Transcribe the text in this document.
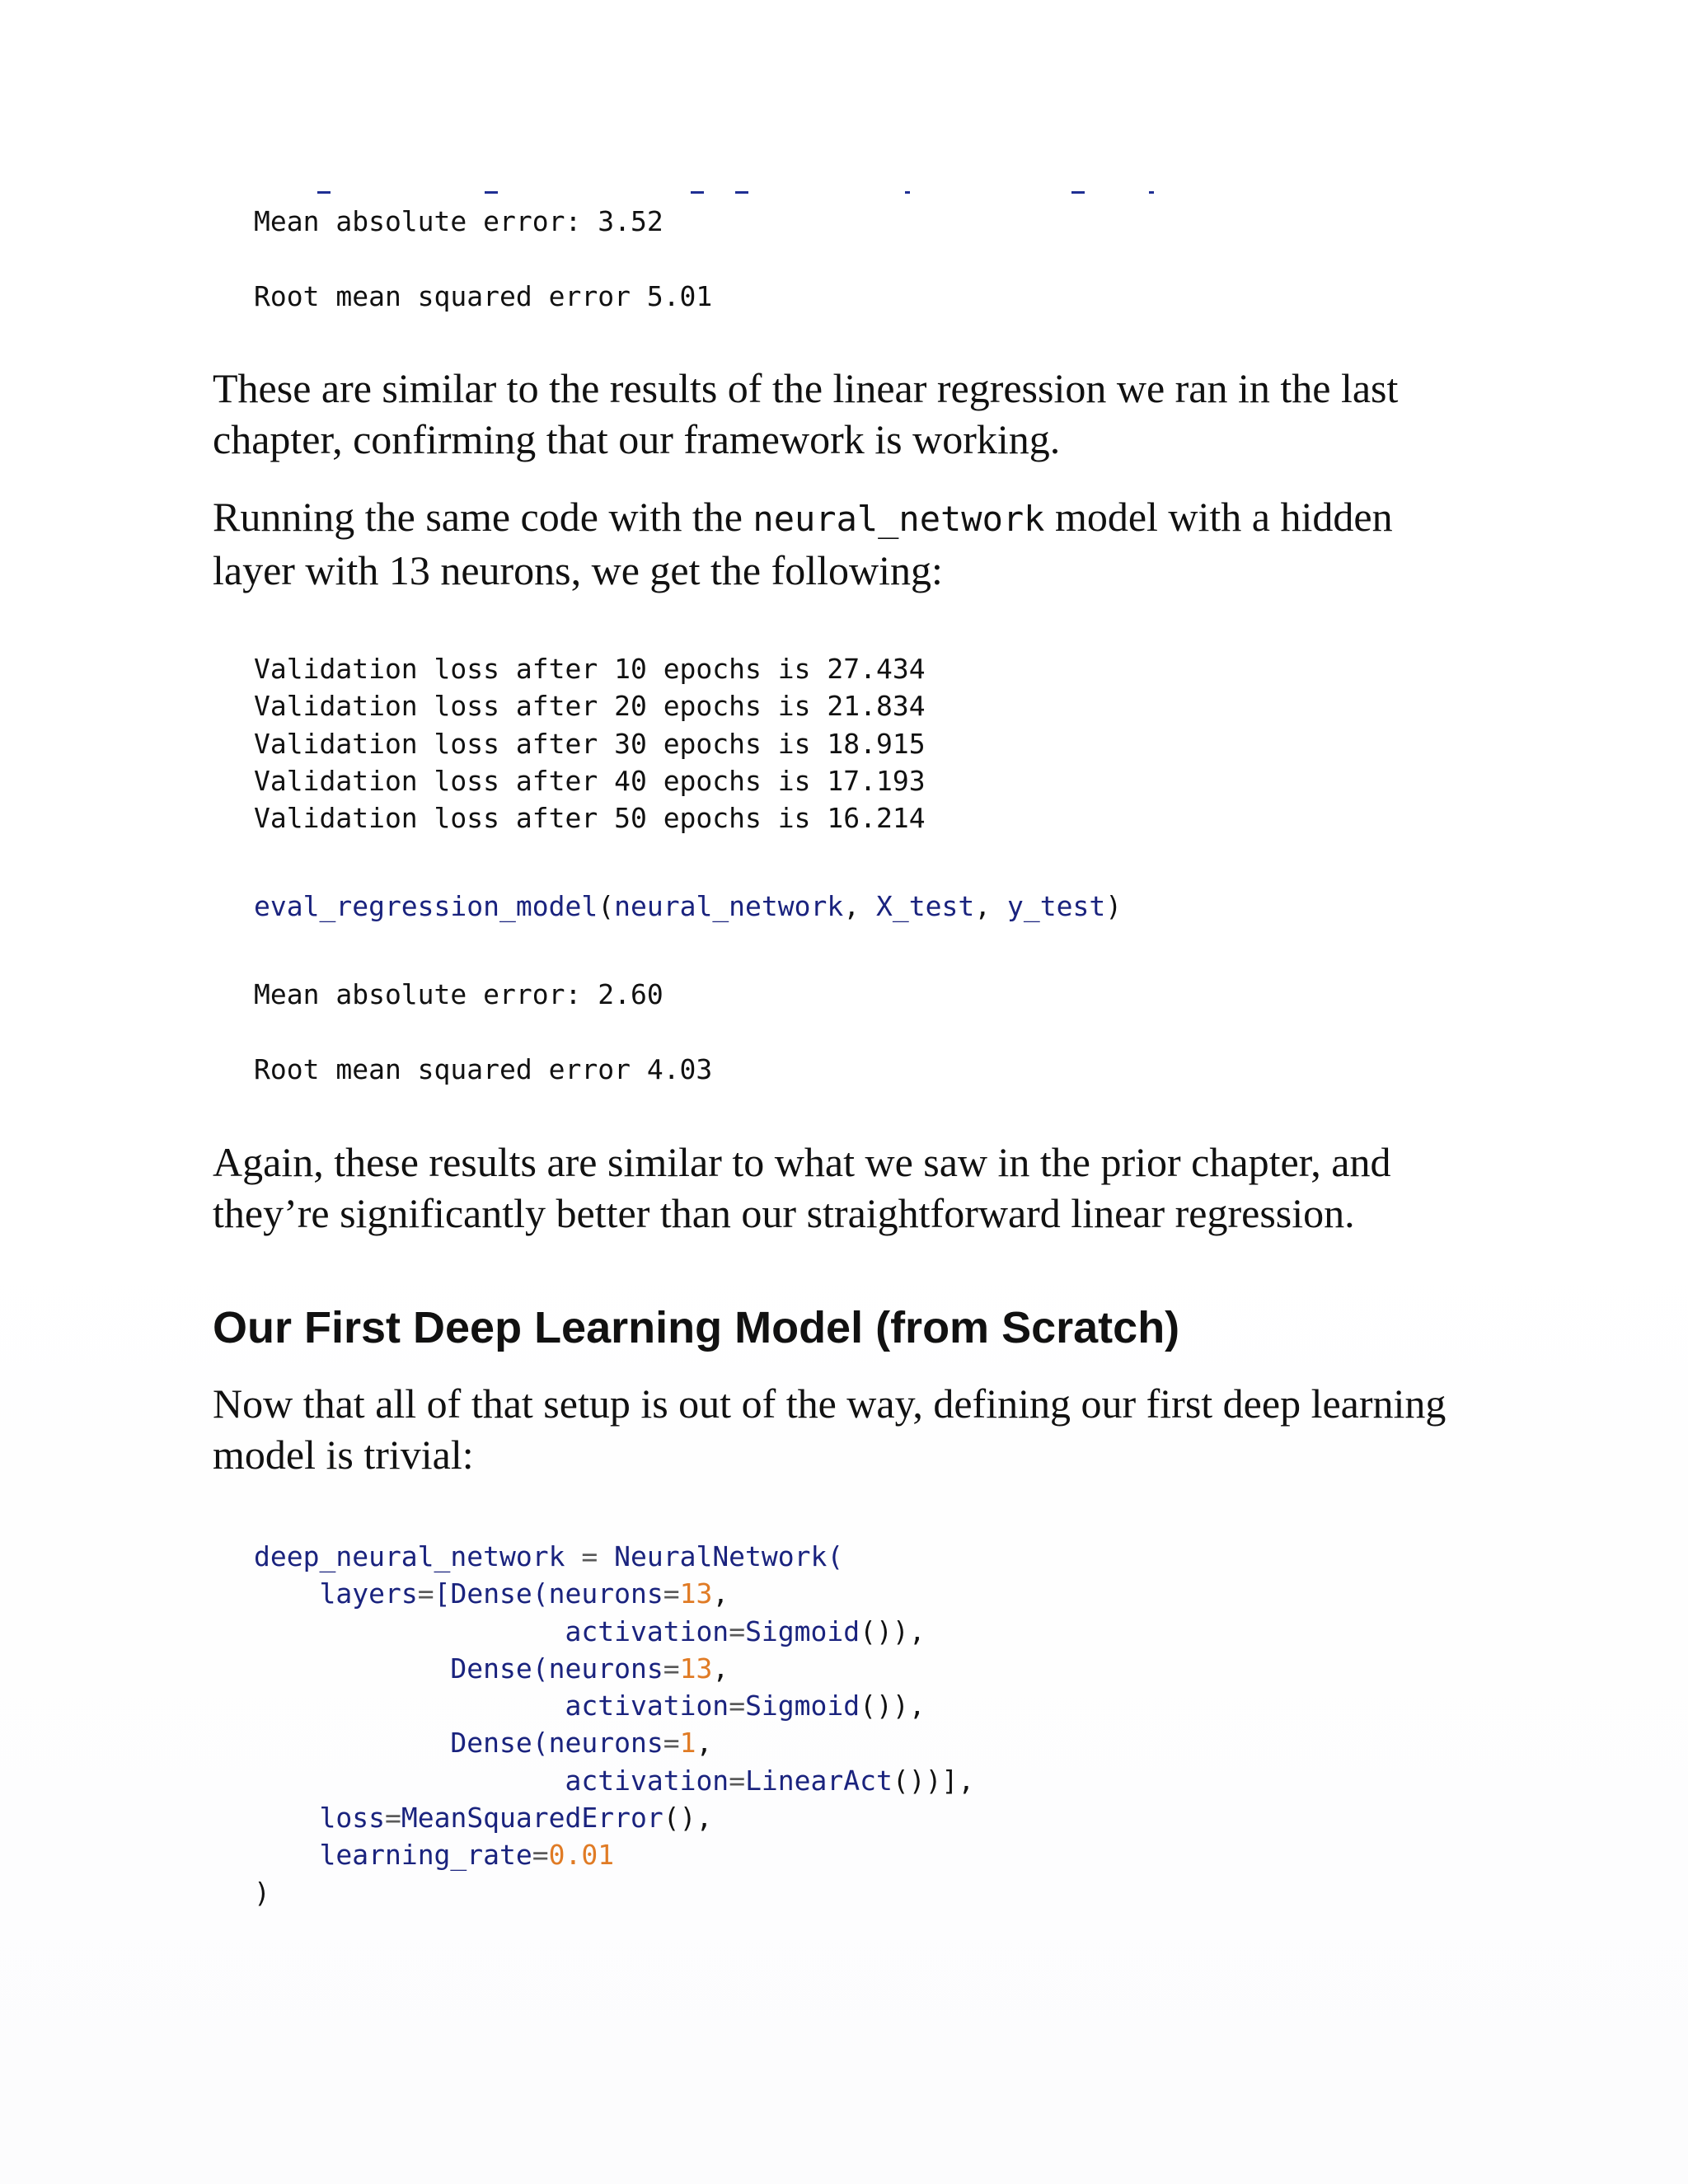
Mean absolute error: 3.52

Root mean squared error 5.01

These are similar to the results of the linear regression we ran in the last chapter, confirming that our framework is working.

Running the same code with the neural_network model with a hidden layer with 13 neurons, we get the following:

Validation loss after 10 epochs is 27.434
Validation loss after 20 epochs is 21.834
Validation loss after 30 epochs is 18.915
Validation loss after 40 epochs is 17.193
Validation loss after 50 epochs is 16.214
eval_regression_model(neural_network, X_test, y_test)
Mean absolute error: 2.60

Root mean squared error 4.03

Again, these results are similar to what we saw in the prior chapter, and they’re significantly better than our straightforward linear regression.

Our First Deep Learning Model (from Scratch)

Now that all of that setup is out of the way, defining our first deep learning model is trivial:

deep_neural_network = NeuralNetwork(
layers=[Dense(neurons=13,
activation=Sigmoid()),
Dense(neurons=13,
activation=Sigmoid()),
Dense(neurons=1,
activation=LinearAct())],
loss=MeanSquaredError(),
learning_rate=0.01
)
